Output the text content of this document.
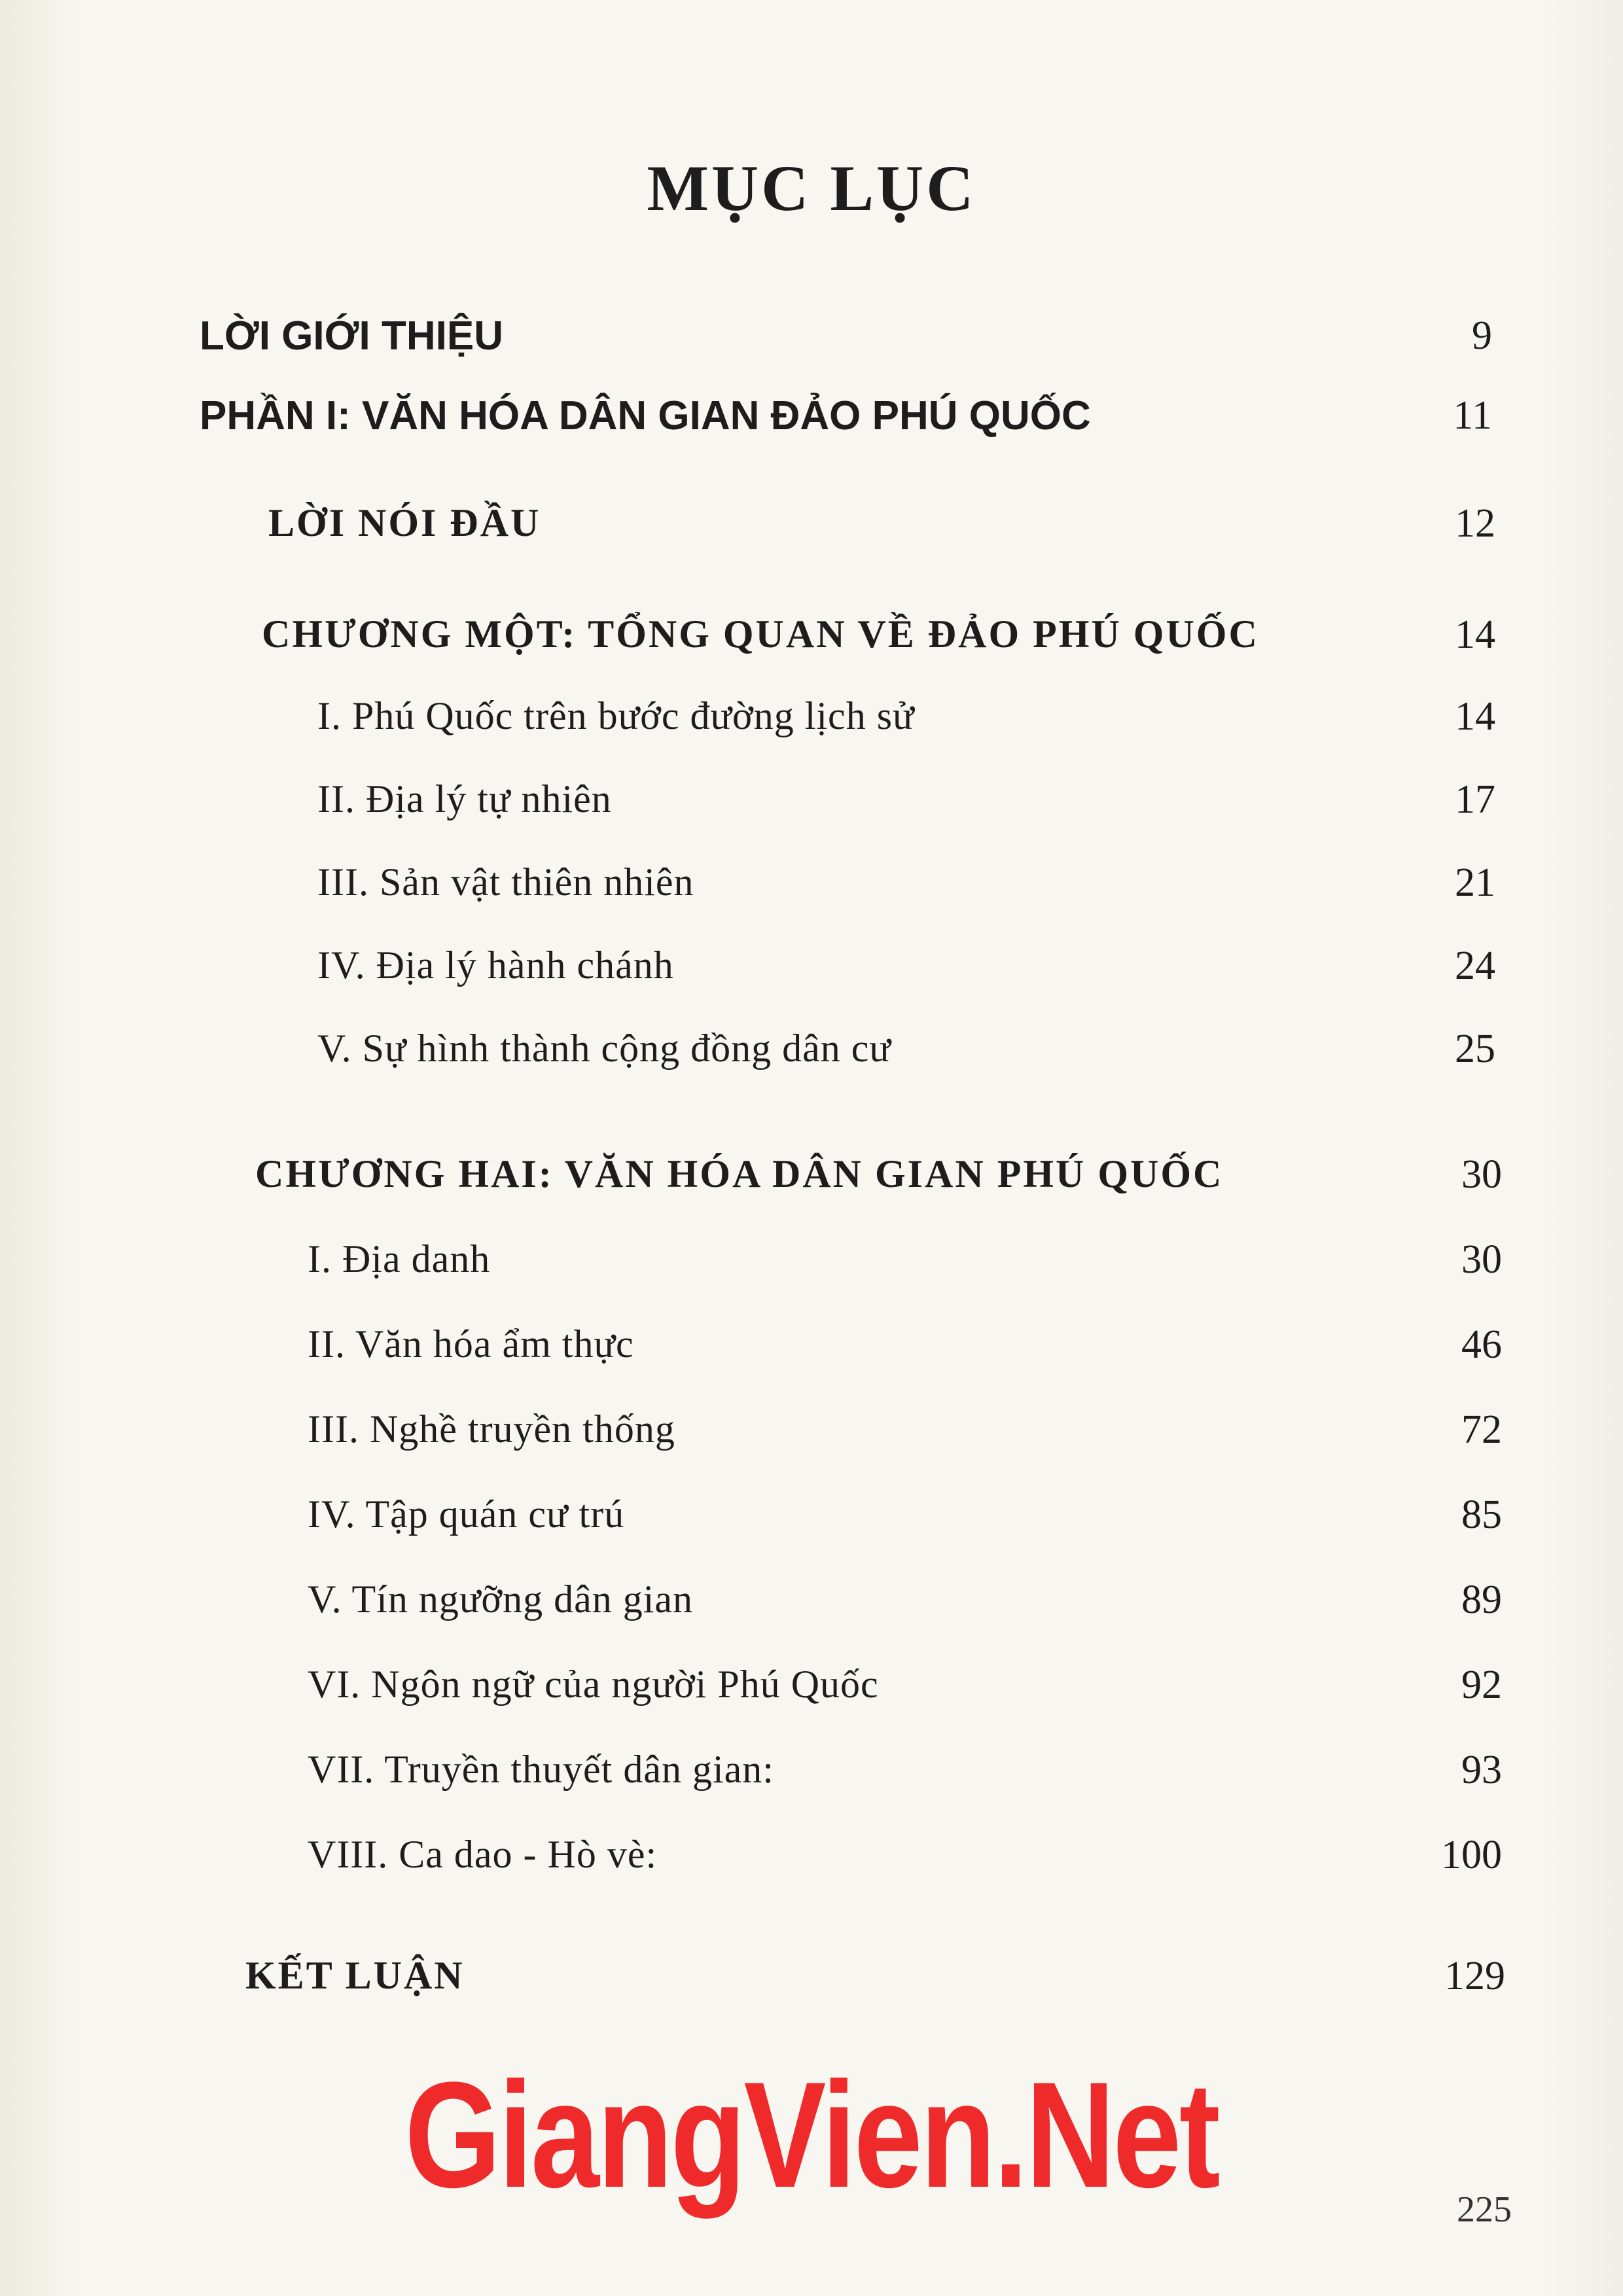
MỤC LỤC
LỜI GIỚI THIỆU	9
PHẦN I: VĂN HÓA DÂN GIAN ĐẢO PHÚ QUỐC	11
LỜI NÓI ĐẦU	12
CHƯƠNG MỘT: TỔNG QUAN VỀ ĐẢO PHÚ QUỐC	14
I. Phú Quốc trên bước đường lịch sử	14
II. Địa lý tự nhiên	17
III. Sản vật thiên nhiên	21
IV. Địa lý hành chánh	24
V. Sự hình thành cộng đồng dân cư	25
CHƯƠNG HAI: VĂN HÓA DÂN GIAN PHÚ QUỐC	30
I. Địa danh	30
II. Văn hóa ẩm thực	46
III. Nghề truyền thống	72
IV. Tập quán cư trú	85
V. Tín ngưỡng dân gian	89
VI. Ngôn ngữ của người Phú Quốc	92
VII. Truyền thuyết dân gian:	93
VIII. Ca dao - Hò vè:	100
KẾT LUẬN	129
GiangVien.Net	225
